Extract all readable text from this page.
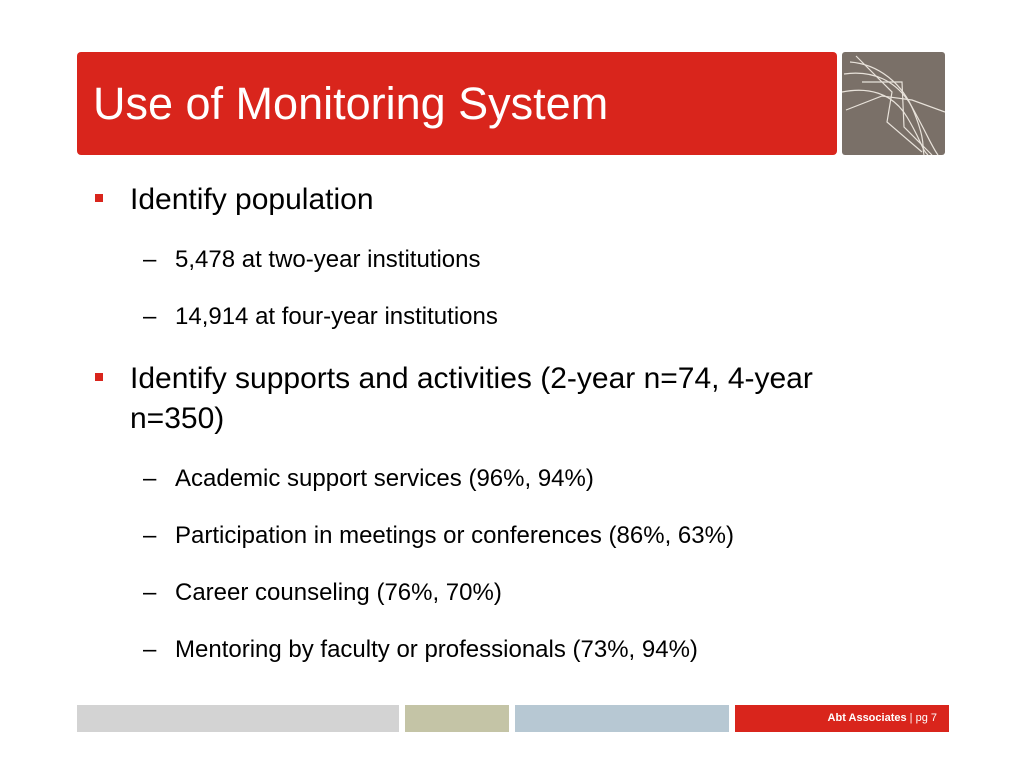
Use of Monitoring System
Identify population
– 5,478 at two-year institutions
– 14,914 at four-year institutions
Identify supports and activities (2-year n=74, 4-year
n=350)
– Academic support services (96%, 94%)
– Participation in meetings or conferences (86%, 63%)
– Career counseling (76%, 70%)
– Mentoring by faculty or professionals (73%, 94%)
Abt Associates | pg 7
